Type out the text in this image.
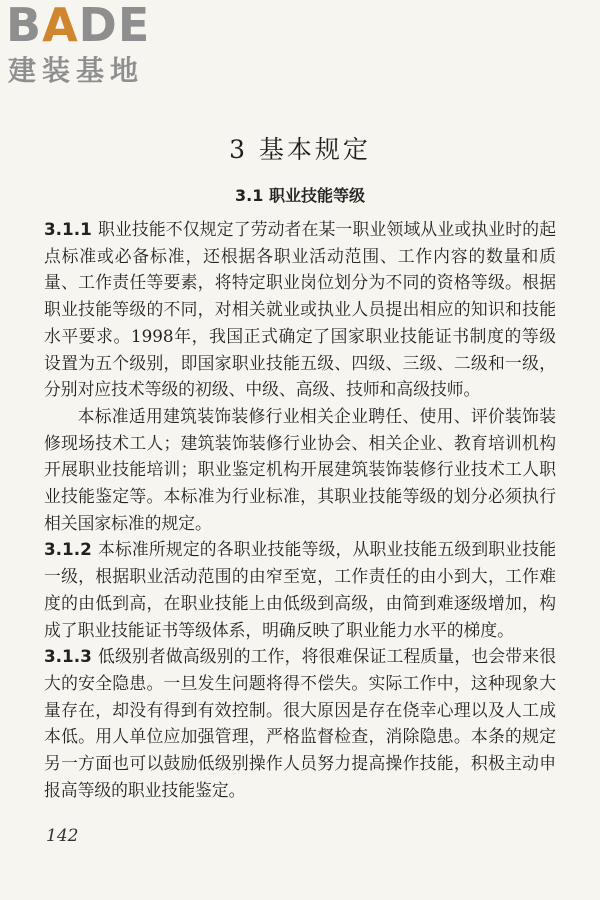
BADE
建装基地
3 基本规定
3.1 职业技能等级

3.1.1 职业技能不仅规定了劳动者在某一职业领域从业或执业时的起点标准或必备标准，还根据各职业活动范围、工作内容的数量和质量、工作责任等要素，将特定职业岗位划分为不同的资格等级。根据职业技能等级的不同，对相关就业或执业人员提出相应的知识和技能水平要求。1998年，我国正式确定了国家职业技能证书制度的等级设置为五个级别，即国家职业技能五级、四级、三级、二级和一级，分别对应技术等级的初级、中级、高级、技师和高级技师。

本标准适用建筑装饰装修行业相关企业聘任、使用、评价装饰装修现场技术工人；建筑装饰装修行业协会、相关企业、教育培训机构开展职业技能培训；职业鉴定机构开展建筑装饰装修行业技术工人职业技能鉴定等。本标准为行业标准，其职业技能等级的划分必须执行相关国家标准的规定。

3.1.2 本标准所规定的各职业技能等级，从职业技能五级到职业技能一级，根据职业活动范围的由窄至宽，工作责任的由小到大，工作难度的由低到高，在职业技能上由低级到高级，由简到难逐级增加，构成了职业技能证书等级体系，明确反映了职业能力水平的梯度。

3.1.3 低级别者做高级别的工作，将很难保证工程质量，也会带来很大的安全隐患。一旦发生问题将得不偿失。实际工作中，这种现象大量存在，却没有得到有效控制。很大原因是存在侥幸心理以及人工成本低。用人单位应加强管理，严格监督检查，消除隐患。本条的规定另一方面也可以鼓励低级别操作人员努力提高操作技能，积极主动申报高等级的职业技能鉴定。

142
